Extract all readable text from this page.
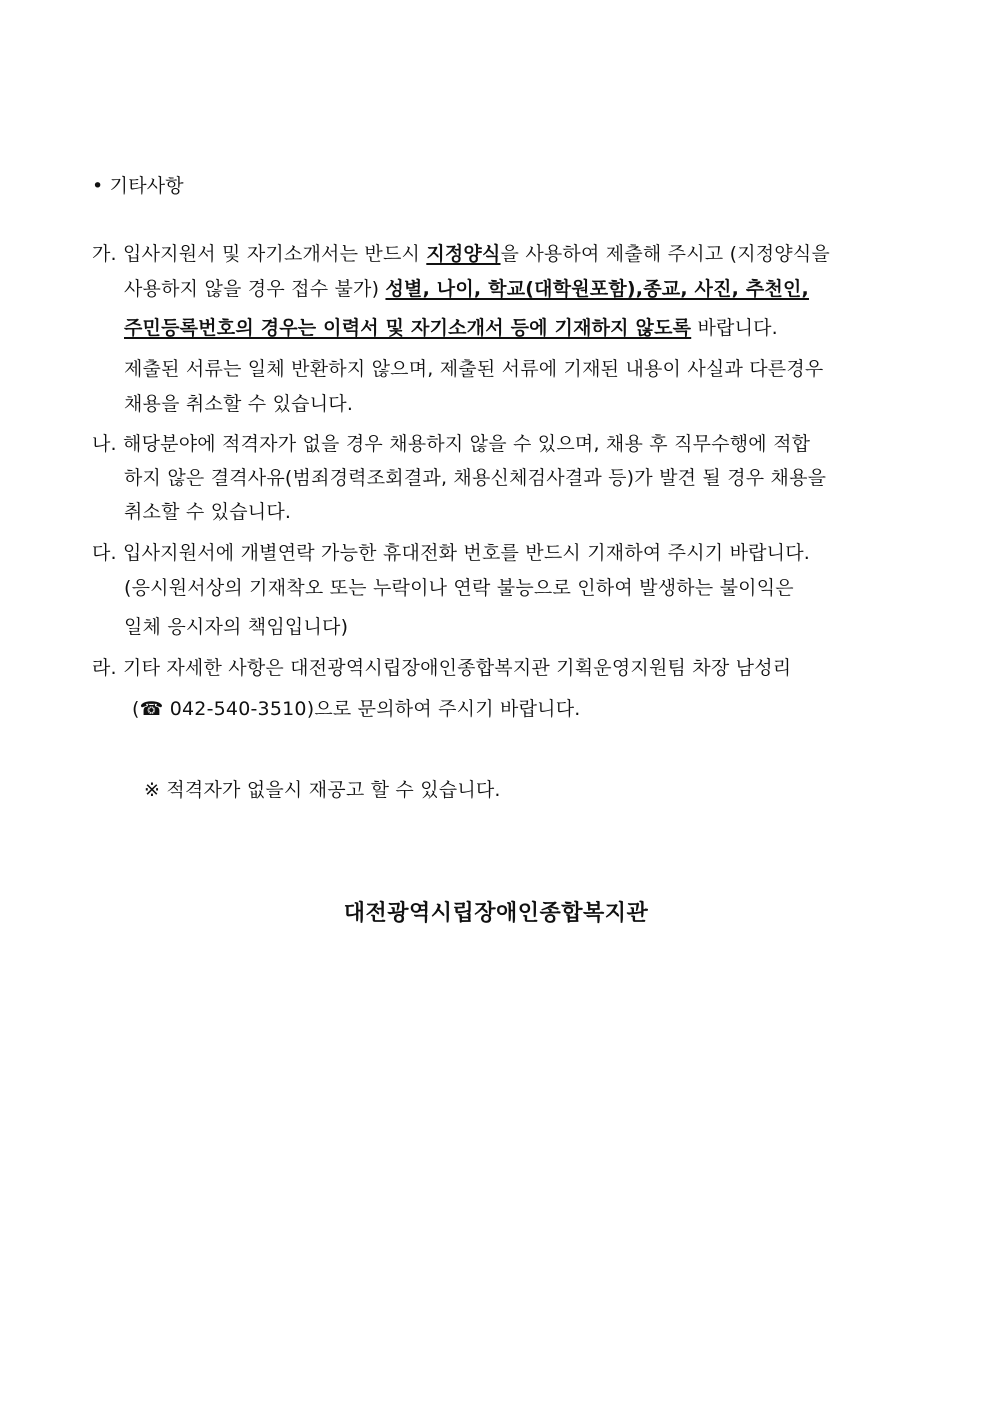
• 기타사항
가. 입사지원서 및 자기소개서는 반드시 지정양식을 사용하여 제출해 주시고 (지정양식을
사용하지 않을 경우 접수 불가) 성별, 나이, 학교(대학원포함),종교, 사진, 추천인,
주민등록번호의 경우는 이력서 및 자기소개서 등에 기재하지 않도록 바랍니다.
제출된 서류는 일체 반환하지 않으며, 제출된 서류에 기재된 내용이 사실과 다른경우
채용을 취소할 수 있습니다.
나. 해당분야에 적격자가 없을 경우 채용하지 않을 수 있으며, 채용 후 직무수행에 적합
하지 않은 결격사유(범죄경력조회결과, 채용신체검사결과 등)가 발견 될 경우 채용을
취소할 수 있습니다.
다. 입사지원서에 개별연락 가능한 휴대전화 번호를 반드시 기재하여 주시기 바랍니다.
(응시원서상의 기재착오 또는 누락이나 연락 불능으로 인하여 발생하는 불이익은
일체 응시자의 책임입니다)
라. 기타 자세한 사항은 대전광역시립장애인종합복지관 기획운영지원팀 차장 남성리
(☎ 042-540-3510)으로 문의하여 주시기 바랍니다.
※ 적격자가 없을시 재공고 할 수 있습니다.
대전광역시립장애인종합복지관
